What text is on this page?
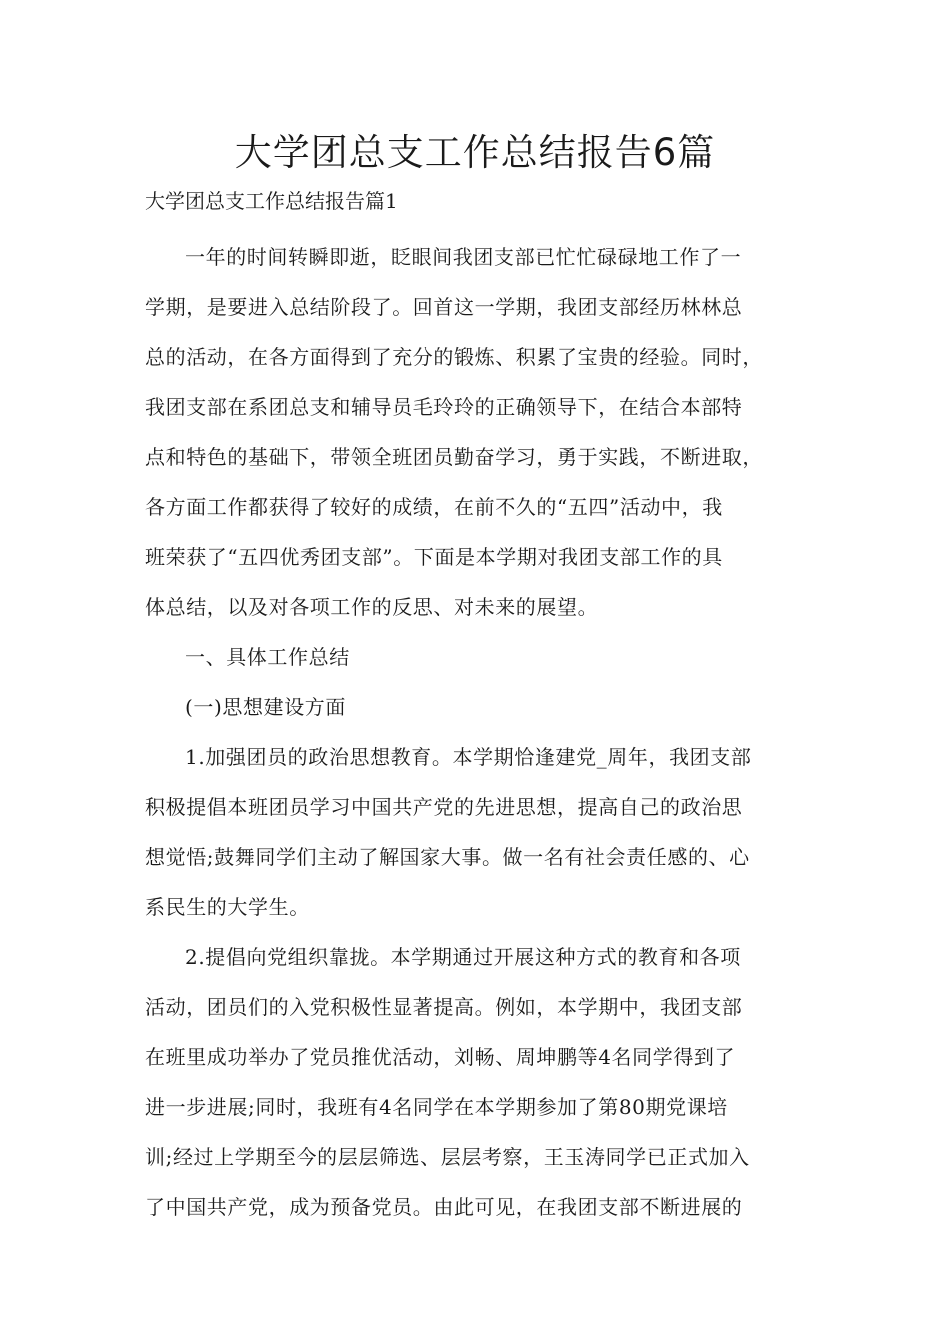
大学团总支工作总结报告6篇

大学团总支工作总结报告篇1

一年的时间转瞬即逝，眨眼间我团支部已忙忙碌碌地工作了一
学期，是要进入总结阶段了。回首这一学期，我团支部经历林林总
总的活动，在各方面得到了充分的锻炼、积累了宝贵的经验。同时，
我团支部在系团总支和辅导员毛玲玲的正确领导下，在结合本部特
点和特色的基础下，带领全班团员勤奋学习，勇于实践，不断进取，
各方面工作都获得了较好的成绩，在前不久的“五四”活动中，我
班荣获了“五四优秀团支部”。下面是本学期对我团支部工作的具
体总结，以及对各项工作的反思、对未来的展望。
一、具体工作总结
(一)思想建设方面
1.加强团员的政治思想教育。本学期恰逢建党_周年，我团支部
积极提倡本班团员学习中国共产党的先进思想，提高自己的政治思
想觉悟;鼓舞同学们主动了解国家大事。做一名有社会责任感的、心
系民生的大学生。
2.提倡向党组织靠拢。本学期通过开展这种方式的教育和各项
活动，团员们的入党积极性显著提高。例如，本学期中，我团支部
在班里成功举办了党员推优活动，刘畅、周坤鹏等4名同学得到了
进一步进展;同时，我班有4名同学在本学期参加了第80期党课培
训;经过上学期至今的层层筛选、层层考察，王玉涛同学已正式加入
了中国共产党，成为预备党员。由此可见，在我团支部不断进展的
